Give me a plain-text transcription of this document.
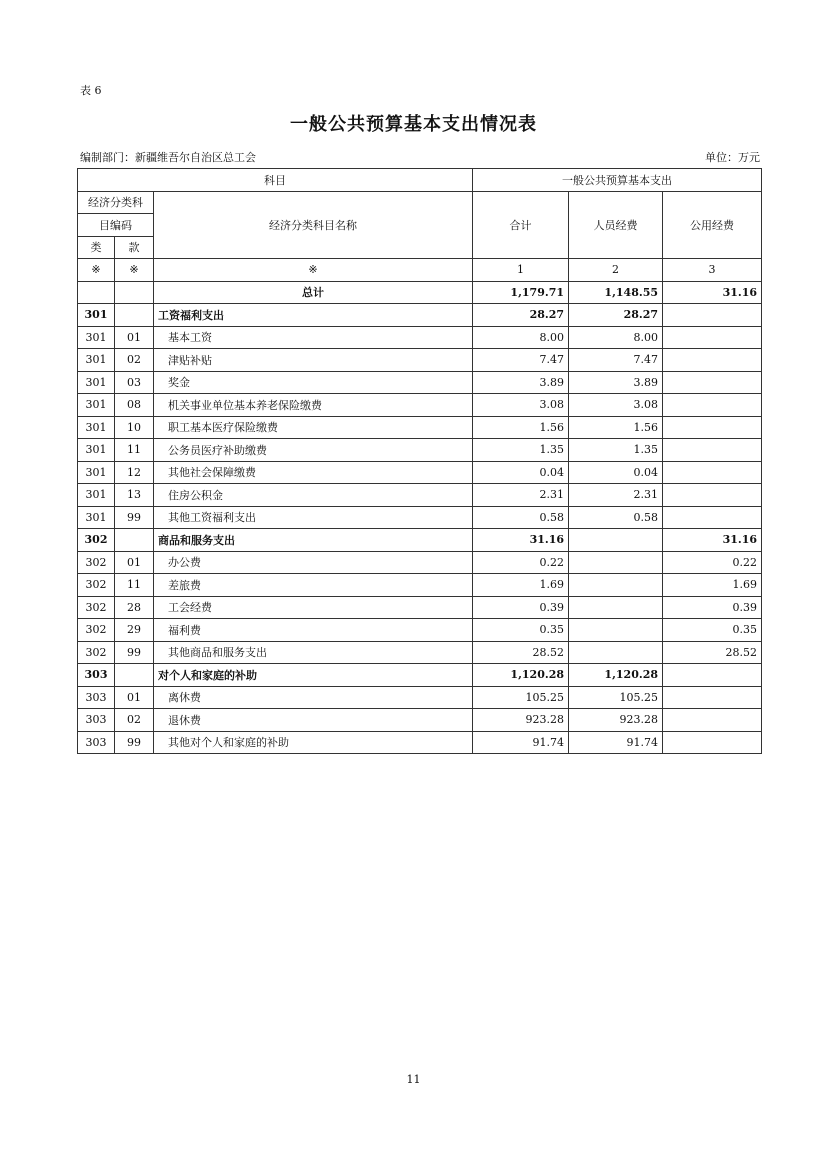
表 6
一般公共预算基本支出情况表
编制部门：新疆维吾尔自治区总工会	单位：万元
科目			一般公共预算基本支出		
经济分类科		经济分类科目名称	合计	人员经费	公用经费
目编码					
类	款				
※	※	※	1	2	3
		总计	1,179.71	1,148.55	31.16
301		工资福利支出	28.27	28.27	
301	01	基本工资	8.00	8.00	
301	02	津贴补贴	7.47	7.47	
301	03	奖金	3.89	3.89	
301	08	机关事业单位基本养老保险缴费	3.08	3.08	
301	10	职工基本医疗保险缴费	1.56	1.56	
301	11	公务员医疗补助缴费	1.35	1.35	
301	12	其他社会保障缴费	0.04	0.04	
301	13	住房公积金	2.31	2.31	
301	99	其他工资福利支出	0.58	0.58	
302		商品和服务支出	31.16		31.16
302	01	办公费	0.22		0.22
302	11	差旅费	1.69		1.69
302	28	工会经费	0.39		0.39
302	29	福利费	0.35		0.35
302	99	其他商品和服务支出	28.52		28.52
303		对个人和家庭的补助	1,120.28	1,120.28	
303	01	离休费	105.25	105.25	
303	02	退休费	923.28	923.28	
303	99	其他对个人和家庭的补助	91.74	91.74	
11
